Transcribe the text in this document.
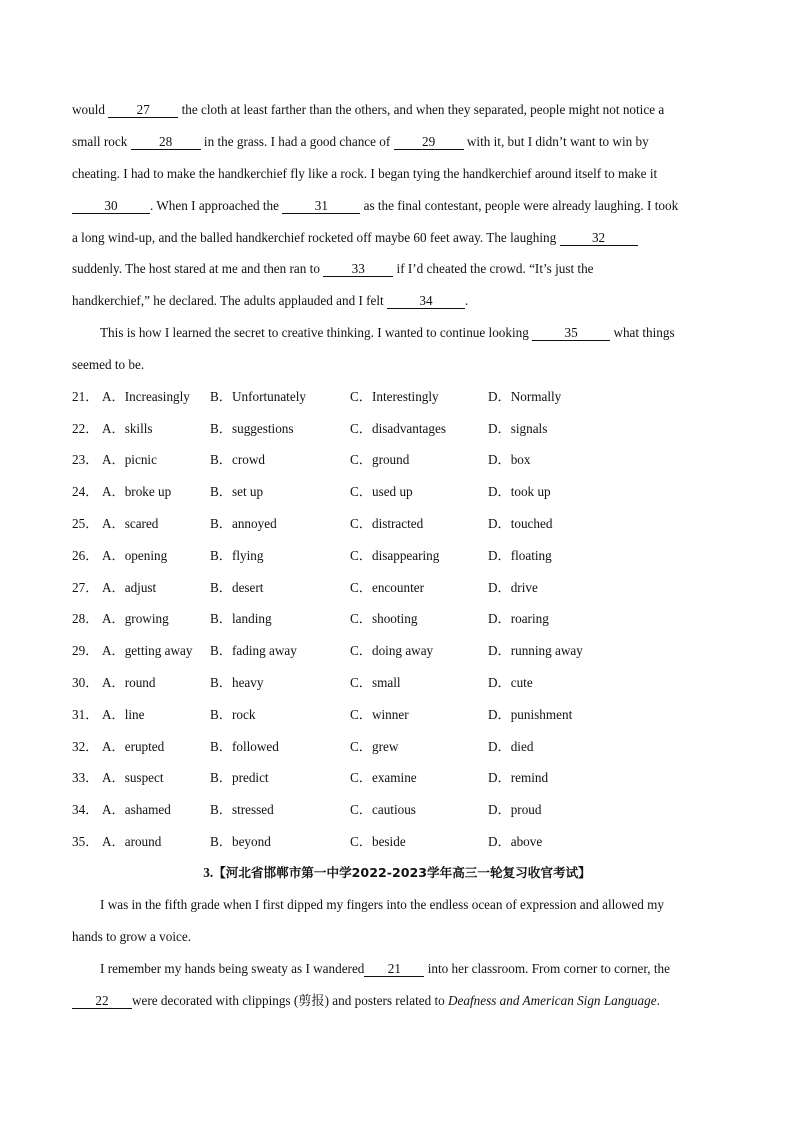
would 27 the cloth at least farther than the others, and when they separated, people might not notice a
small rock 28 in the grass. I had a good chance of 29 with it, but I didn’t want to win by
cheating. I had to make the handkerchief fly like a rock. I began tying the handkerchief around itself to make it
30 . When I approached the 31 as the final contestant, people were already laughing. I took
a long wind-up, and the balled handkerchief rocketed off maybe 60 feet away. The laughing 32
suddenly. The host stared at me and then ran to 33 if I’d cheated the crowd. “It’s just the
handkerchief,” he declared. The adults applauded and I felt 34 .
This is how I learned the secret to creative thinking. I wanted to continue looking 35 what things
seemed to be.
21． A．Increasingly B．Unfortunately	C．Interestingly	D．Normally
22． A．skills	B．suggestions	C．disadvantages	D．signals
23． A．picnic	B．crowd	C．ground	D．box
24． A．broke up	B．set up	C．used up	D．took up
25． A．scared	B．annoyed	C．distracted	D．touched
26． A．opening	B．flying	C．disappearing	D．floating
27． A．adjust	B．desert	C．encounter	D．drive
28． A．growing	B．landing	C．shooting	D．roaring
29． A．getting away B．fading away	C．doing away	D．running away
30． A．round	B．heavy	C．small	D．cute
31． A．line	B．rock	C．winner	D．punishment
32． A．erupted	B．followed	C．grew	D．died
33． A．suspect	B．predict	C．examine	D．remind
34． A．ashamed	B．stressed	C．cautious	D．proud
35． A．around	B．beyond	C．beside	D．above
3.【河北省邯郸市第一中学2022-2023学年高三一轮复习收官考试】
I was in the fifth grade when I first dipped my fingers into the endless ocean of expression and allowed my
hands to grow a voice.
I remember my hands being sweaty as I wandered 21 into her classroom. From corner to corner, the
22 were decorated with clippings (剪报) and posters related to Deafness and American Sign Language.
